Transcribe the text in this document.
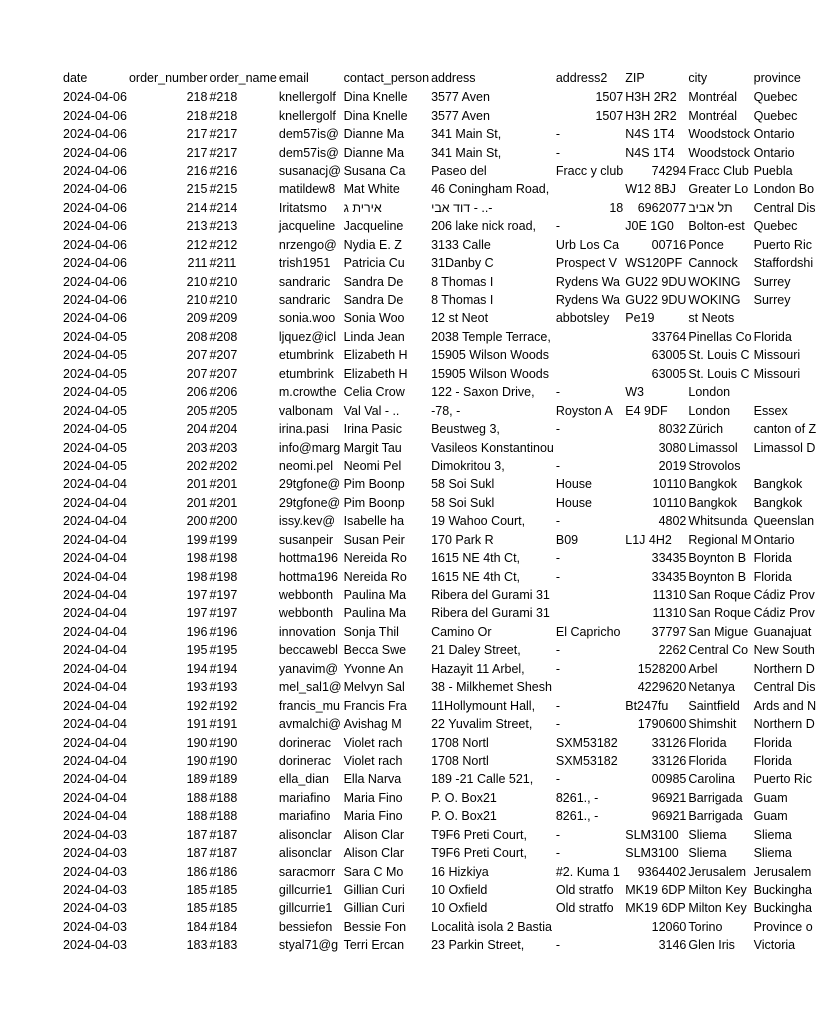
date	order_number	order_name	email	contact_person	address	address2	ZIP	city	province
2024-04-06	218	#218	knellergolf	Dina Knelle	3577 Aven	1507	H3H 2R2	Montréal	Quebec
2024-04-06	218	#218	knellergolf	Dina Knelle	3577 Aven	1507	H3H 2R2	Montréal	Quebec
2024-04-06	217	#217	dem57is@	Dianne Ma	341 Main St,	-	N4S 1T4	Woodstock	Ontario
2024-04-06	217	#217	dem57is@	Dianne Ma	341 Main St,	-	N4S 1T4	Woodstock	Ontario
2024-04-06	216	#216	susanacj@	Susana Ca	Paseo del	Fracc y club	74294	Fracc Club	Puebla
2024-04-06	215	#215	matildew8	Mat White	46 Coningham Road,		W12 8BJ	Greater Lo	London Bo
2024-04-06	214	#214	Iritatsmo	אירית ג	דוד אבי - ..-	18	6962077	תל אביב	Central Dis
2024-04-06	213	#213	jacqueline	Jacqueline	206 lake nick road,	-	J0E 1G0	Bolton-est	Quebec
2024-04-06	212	#212	nrzengo@	Nydia E. Z	3133 Calle	Urb Los Ca	00716	Ponce	Puerto Ric
2024-04-06	211	#211	trish1951	Patricia Cu	31Danby C	Prospect V	WS120PF	Cannock	Staffordshi
2024-04-06	210	#210	sandraric	Sandra De	8 Thomas I	Rydens Wa	GU22 9DU	WOKING	Surrey
2024-04-06	210	#210	sandraric	Sandra De	8 Thomas I	Rydens Wa	GU22 9DU	WOKING	Surrey
2024-04-06	209	#209	sonia.woo	Sonia Woo	12 st Neot	abbotsley	Pe19	st Neots	
2024-04-05	208	#208	ljquez@icl	Linda Jean	2038 Temple Terrace,		33764	Pinellas Co	Florida
2024-04-05	207	#207	etumbrink	Elizabeth H	15905 Wilson Woods		63005	St. Louis C	Missouri
2024-04-05	207	#207	etumbrink	Elizabeth H	15905 Wilson Woods		63005	St. Louis C	Missouri
2024-04-05	206	#206	m.crowthe	Celia Crow	122 - Saxon Drive,	-	W3	London	
2024-04-05	205	#205	valbonam	Val Val - ..	-78, -	Royston A	E4 9DF	London	Essex
2024-04-05	204	#204	irina.pasi	Irina Pasic	Beustweg 3,	-	8032	Zürich	canton of Z
2024-04-05	203	#203	info@marg	Margit Tau	Vasileos Konstantinou		3080	Limassol	Limassol D
2024-04-05	202	#202	neomi.pel	Neomi Pel	Dimokritou 3,	-	2019	Strovolos	
2024-04-04	201	#201	29tgfone@	Pim Boonp	58 Soi Sukl	House	10110	Bangkok	Bangkok
2024-04-04	201	#201	29tgfone@	Pim Boonp	58 Soi Sukl	House	10110	Bangkok	Bangkok
2024-04-04	200	#200	issy.kev@	Isabelle ha	19 Wahoo Court,	-	4802	Whitsunda	Queenslan
2024-04-04	199	#199	susanpeir	Susan Peir	170 Park R	B09	L1J 4H2	Regional M	Ontario
2024-04-04	198	#198	hottma196	Nereida Ro	1615 NE 4th Ct,	-	33435	Boynton B	Florida
2024-04-04	198	#198	hottma196	Nereida Ro	1615 NE 4th Ct,	-	33435	Boynton B	Florida
2024-04-04	197	#197	webbonth	Paulina Ma	Ribera del Gurami 31		11310	San Roque	Cádiz Prov
2024-04-04	197	#197	webbonth	Paulina Ma	Ribera del Gurami 31		11310	San Roque	Cádiz Prov
2024-04-04	196	#196	innovation	Sonja Thil	Camino Or	El Capricho	37797	San Migue	Guanajuat
2024-04-04	195	#195	beccawebl	Becca Swe	21 Daley Street,	-	2262	Central Co	New South
2024-04-04	194	#194	yanavim@	Yvonne An	Hazayit 11 Arbel,	-	1528200	Arbel	Northern D
2024-04-04	193	#193	mel_sal1@	Melvyn Sal	38 - Milkhemet Shesh		4229620	Netanya	Central Dis
2024-04-04	192	#192	francis_mu	Francis Fra	11Hollymount Hall,	-	Bt247fu	Saintfield	Ards and N
2024-04-04	191	#191	avmalchi@	Avishag M	22 Yuvalim Street,	-	1790600	Shimshit	Northern D
2024-04-04	190	#190	dorinerac	Violet rach	1708 Nortl	SXM53182	33126	Florida	Florida
2024-04-04	190	#190	dorinerac	Violet rach	1708 Nortl	SXM53182	33126	Florida	Florida
2024-04-04	189	#189	ella_dian	Ella Narva	189 -21 Calle 521,	-	00985	Carolina	Puerto Ric
2024-04-04	188	#188	mariafino	Maria Fino	P. O. Box21	8261., -	96921	Barrigada	Guam
2024-04-04	188	#188	mariafino	Maria Fino	P. O. Box21	8261., -	96921	Barrigada	Guam
2024-04-03	187	#187	alisonclar	Alison Clar	T9F6 Preti Court,	-	SLM3100	Sliema	Sliema
2024-04-03	187	#187	alisonclar	Alison Clar	T9F6 Preti Court,	-	SLM3100	Sliema	Sliema
2024-04-03	186	#186	saracmorr	Sara C Mo	16 Hizkiya	#2. Kuma 1	9364402	Jerusalem	Jerusalem
2024-04-03	185	#185	gillcurrie1	Gillian Curi	10 Oxfield	Old stratfo	MK19 6DP	Milton Key	Buckingha
2024-04-03	185	#185	gillcurrie1	Gillian Curi	10 Oxfield	Old stratfo	MK19 6DP	Milton Key	Buckingha
2024-04-03	184	#184	bessiefon	Bessie Fon	Località isola 2 Bastia		12060	Torino	Province o
2024-04-03	183	#183	styal71@g	Terri Ercan	23 Parkin Street,	-	3146	Glen Iris	Victoria
